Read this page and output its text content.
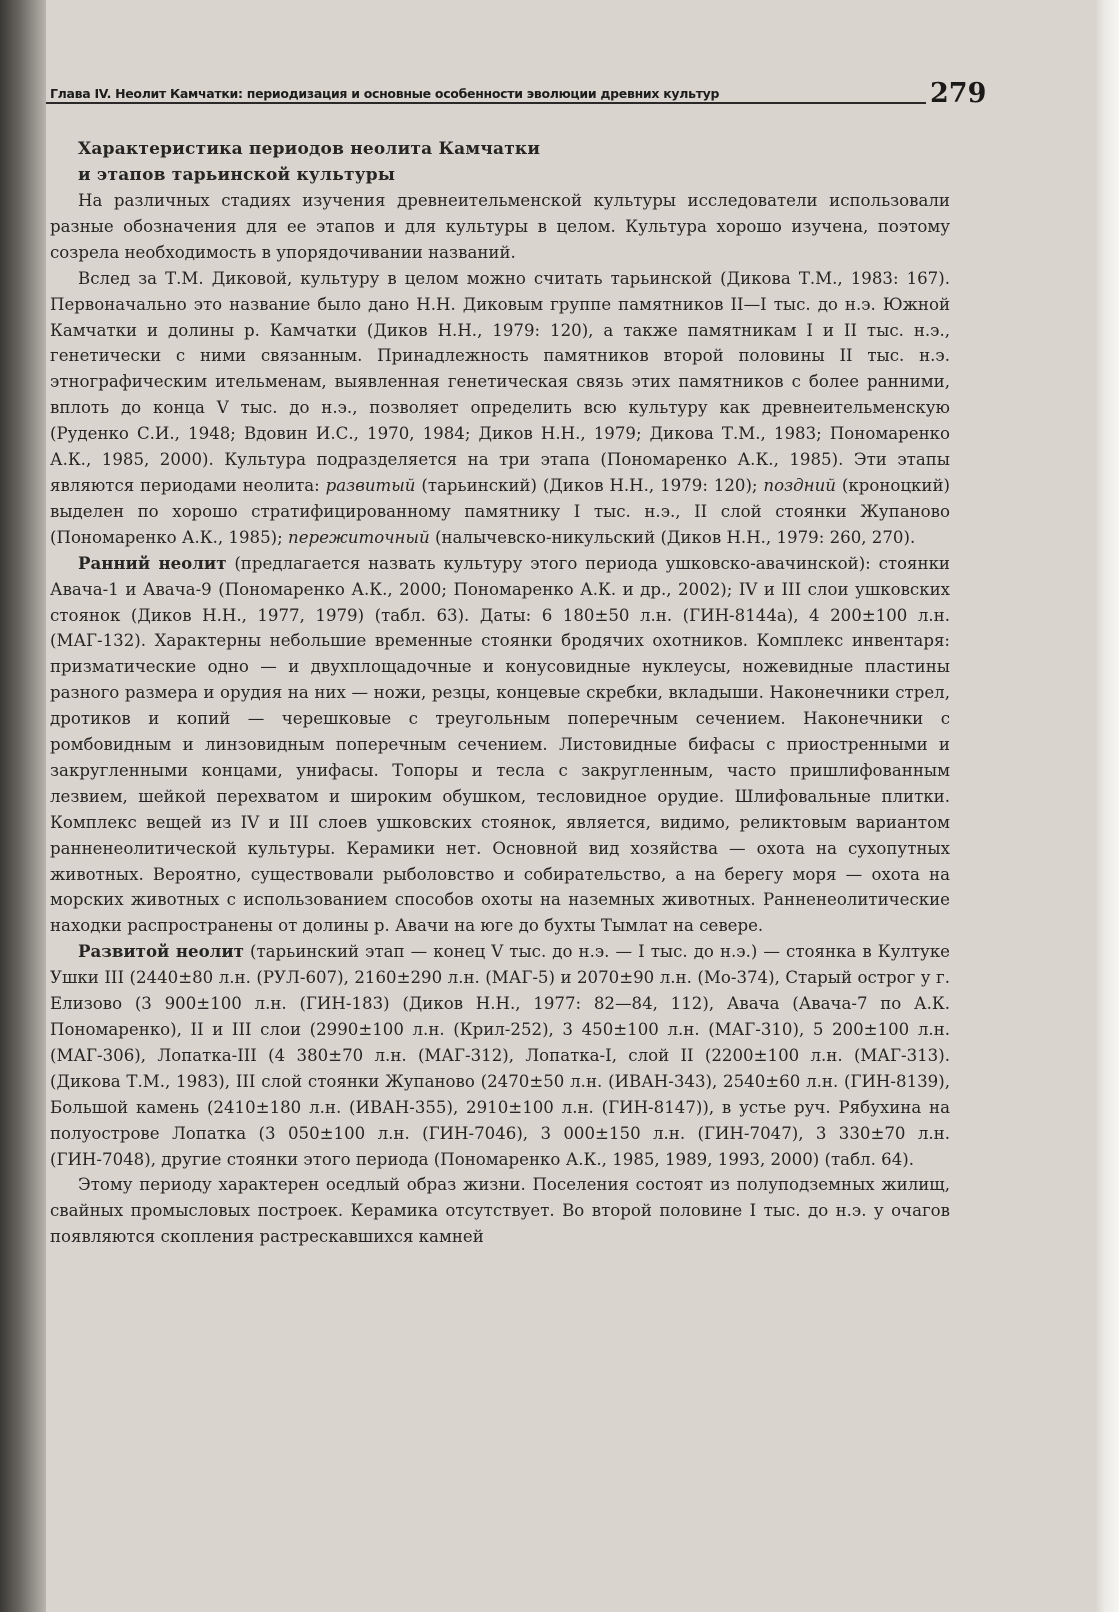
Глава IV. Неолит Камчатки: периодизация и основные особенности эволюции древних культур	279
Характеристика периодов неолита Камчатки
и этапов тарьинской культуры

На различных стадиях изучения древнеительменской культуры исследователи использовали разные обозначения для ее этапов и для культуры в целом. Культура хорошо изучена, поэтому созрела необходимость в упорядочивании названий.

Вслед за Т.М. Диковой, культуру в целом можно считать тарьинской (Дикова Т.М., 1983: 167). Первоначально это название было дано Н.Н. Диковым группе памятников II—I тыс. до н.э. Южной Камчатки и долины р. Камчатки (Диков Н.Н., 1979: 120), а также памятникам I и II тыс. н.э., генетически с ними связанным. Принадлежность памятников второй половины II тыс. н.э. этнографическим ительменам, выявленная генетическая связь этих памятников с более ранними, вплоть до конца V тыс. до н.э., позволяет определить всю культуру как древнеительменскую (Руденко С.И., 1948; Вдовин И.С., 1970, 1984; Диков Н.Н., 1979; Дикова Т.М., 1983; Пономаренко А.К., 1985, 2000). Культура подразделяется на три этапа (Пономаренко А.К., 1985). Эти этапы являются периодами неолита: развитый (тарьинский) (Диков Н.Н., 1979: 120); поздний (кроноцкий) выделен по хорошо стратифицированному памятнику I тыс. н.э., II слой стоянки Жупаново (Пономаренко А.К., 1985); пережиточный (налычевско-никульский (Диков Н.Н., 1979: 260, 270).

Ранний неолит (предлагается назвать культуру этого периода ушковско-авачинской): стоянки Авача-1 и Авача-9 (Пономаренко А.К., 2000; Пономаренко А.К. и др., 2002); IV и III слои ушковских стоянок (Диков Н.Н., 1977, 1979) (табл. 63). Даты: 6 180±50 л.н. (ГИН-8144а), 4 200±100 л.н. (МАГ-132). Характерны небольшие временные стоянки бродячих охотников. Комплекс инвентаря: призматические одно — и двухплощадочные и конусовидные нуклеусы, ножевидные пластины разного размера и орудия на них — ножи, резцы, концевые скребки, вкладыши. Наконечники стрел, дротиков и копий — черешковые с треугольным поперечным сечением. Наконечники с ромбовидным и линзовидным поперечным сечением. Листовидные бифасы с приостренными и закругленными концами, унифасы. Топоры и тесла с закругленным, часто пришлифованным лезвием, шейкой перехватом и широким обушком, тесловидное орудие. Шлифовальные плитки. Комплекс вещей из IV и III слоев ушковских стоянок, является, видимо, реликтовым вариантом ранненеолитической культуры. Керамики нет. Основной вид хозяйства — охота на сухопутных животных. Вероятно, существовали рыболовство и собирательство, а на берегу моря — охота на морских животных с использованием способов охоты на наземных животных. Ранненеолитические находки распространены от долины р. Авачи на юге до бухты Тымлат на севере.

Развитой неолит (тарьинский этап — конец V тыс. до н.э. — I тыс. до н.э.) — стоянка в Култуке Ушки III (2440±80 л.н. (РУЛ-607), 2160±290 л.н. (МАГ-5) и 2070±90 л.н. (Мо-374), Старый острог у г. Елизово (3 900±100 л.н. (ГИН-183) (Диков Н.Н., 1977: 82—84, 112), Авача (Авача-7 по А.К. Пономаренко), II и III слои (2990±100 л.н. (Крил-252), 3 450±100 л.н. (МАГ-310), 5 200±100 л.н. (МАГ-306), Лопатка-III (4 380±70 л.н. (МАГ-312), Лопатка-I, слой II (2200±100 л.н. (МАГ-313). (Дикова Т.М., 1983), III слой стоянки Жупаново (2470±50 л.н. (ИВАН-343), 2540±60 л.н. (ГИН-8139), Большой камень (2410±180 л.н. (ИВАН-355), 2910±100 л.н. (ГИН-8147)), в устье руч. Рябухина на полуострове Лопатка (3 050±100 л.н. (ГИН-7046), 3 000±150 л.н. (ГИН-7047), 3 330±70 л.н. (ГИН-7048), другие стоянки этого периода (Пономаренко А.К., 1985, 1989, 1993, 2000) (табл. 64).

Этому периоду характерен оседлый образ жизни. Поселения состоят из полуподземных жилищ, свайных промысловых построек. Керамика отсутствует. Во второй половине I тыс. до н.э. у очагов появляются скопления растрескавшихся камней
